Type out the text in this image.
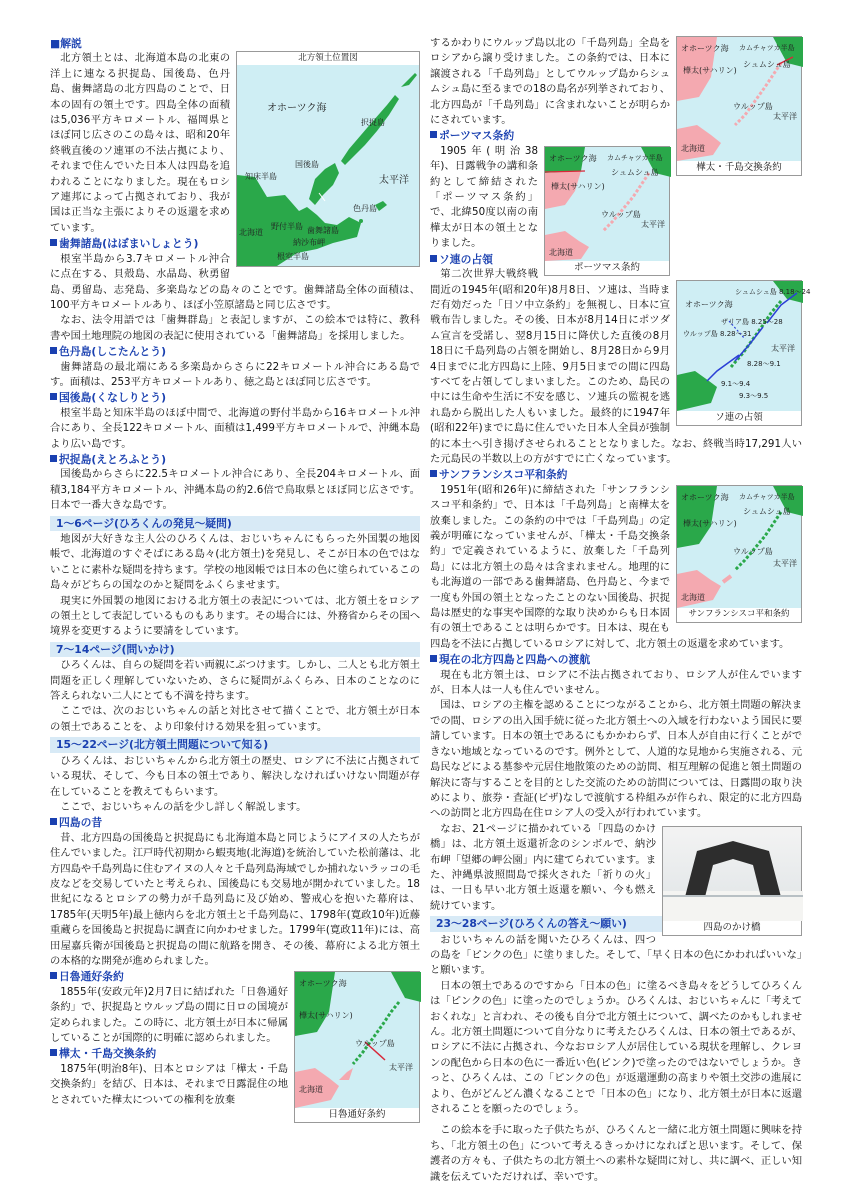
■解説
北方領土位置図
オホーツク海
択捉島
国後島
知床半島	太平洋
色丹島
北海道
野付半島 歯舞諸島
納沙布岬
根室半島

北方領土とは、北海道本島の北東の洋上に連なる択捉島、国後島、色丹島、歯舞諸島の北方四島のことで、日本の固有の領土です。四島全体の面積は5,036平方キロメートル、福岡県とほぼ同じ広さのこの島々は、昭和20年終戦直後のソ連軍の不法占拠により、それまで住んでいた日本人は四島を追われることになりました。現在もロシア連邦によって占拠されており、我が国は正当な主張によりその返還を求めています。

歯舞諸島(はぼまいしょとう)

根室半島から3.7キロメートル沖合に点在する、貝殻島、水晶島、秋勇留島、勇留島、志発島、多楽島などの島々のことです。歯舞諸島全体の面積は、100平方キロメートルあり、ほぼ小笠原諸島と同じ広さです。

なお、法令用語では「歯舞群島」と表記しますが、この絵本では特に、教科書や国土地理院の地図の表記に使用されている「歯舞諸島」を採用しました。

色丹島(しこたんとう)

歯舞諸島の最北端にある多楽島からさらに22キロメートル沖合にある島です。面積は、253平方キロメートルあり、徳之島とほぼ同じ広さです。

国後島(くなしりとう)

根室半島と知床半島のほぼ中間で、北海道の野付半島から16キロメートル沖合にあり、全長122キロメートル、面積は1,499平方キロメートルで、沖縄本島より広い島です。

択捉島(えとろふとう)

国後島からさらに22.5キロメートル沖合にあり、全長204キロメートル、面積3,184平方キロメートル、沖縄本島の約2.6倍で鳥取県とほぼ同じ広さです。日本で一番大きな島です。

1～6ページ(ひろくんの発見～疑問)

地図が大好きな主人公のひろくんは、おじいちゃんにもらった外国製の地図帳で、北海道のすぐそばにある島々(北方領土)を発見し、そこが日本の色ではないことに素朴な疑問を持ちます。学校の地図帳では日本の色に塗られているこの島々がどちらの国なのかと疑問をふくらませます。

現実に外国製の地図における北方領土の表記については、北方領土をロシアの領土として表記しているものもあります。その場合には、外務省からその国へ境界を変更するように要請をしています。

7～14ページ(問いかけ)

ひろくんは、自らの疑問を若い両親にぶつけます。しかし、二人とも北方領土問題を正しく理解していないため、さらに疑問がふくらみ、日本のことなのに答えられない二人にとても不満を持ちます。

ここでは、次のおじいちゃんの話と対比させて描くことで、北方領土が日本の領土であることを、より印象付ける効果を狙っています。

15～22ページ(北方領土問題について知る)

ひろくんは、おじいちゃんから北方領土の歴史、ロシアに不法に占拠されている現状、そして、今も日本の領土であり、解決しなければいけない問題が存在していることを教えてもらいます。

ここで、おじいちゃんの話を少し詳しく解説します。

四島の昔

昔、北方四島の国後島と択捉島にも北海道本島と同じようにアイヌの人たちが住んでいました。江戸時代初期から蝦夷地(北海道)を統治していた松前藩は、北方四島や千島列島に住むアイヌの人々と千島列島海域でしか捕れないラッコの毛皮などを交易していたと考えられ、国後島にも交易地が開かれていました。18世紀になるとロシアの勢力が千島列島に及び始め、警戒心を抱いた幕府は、1785年(天明5年)最上徳内らを北方領土と千島列島に、1798年(寛政10年)近藤重蔵らを国後島と択捉島に調査に向かわせました。1799年(寛政11年)には、高田屋嘉兵衛が国後島と択捉島の間に航路を開き、その後、幕府による北方領土の本格的な開発が進められました。

オホーツク海
樺太(サハリン)
ウルップ島
太平洋
北海道
日魯通好条約
日魯通好条約

1855年(安政元年)2月7日に結ばれた「日魯通好条約」で、択捉島とウルップ島の間に日ロの国境が定められました。この時に、北方領土が日本に帰属していることが国際的に明確に認められました。

樺太・千島交換条約

1875年(明治8年)、日本とロシアは「樺太・千島交換条約」を結び、日本は、それまで日露混住の地とされていた樺太についての権利を放棄

オホーツク海 カムチャツカ半島
シュムシュ島
樺太(サハリン)
ウルップ島
太平洋
北海道
樺太・千島交換条約

するかわりにウルップ島以北の「千島列島」全島をロシアから譲り受けました。この条約では、日本に譲渡される「千島列島」としてウルップ島からシュムシュ島に至るまでの18の島名が列挙されており、北方四島が「千島列島」に含まれないことが明らかにされています。

ポーツマス条約
オホーツク海 カムチャツカ半島
シュムシュ島
樺太(サハリン)
ウルップ島
太平洋
北海道
ポーツマス条約

1905年(明治38年)、日露戦争の講和条約として締結された「ポーツマス条約」で、北緯50度以南の南樺太が日本の領土となりました。

ソ連の占領
シュムシュ島 8.18～24
オホーツク海
ウルップ島 8.28～31
ザリア島 8.25～28
太平洋
8.28～9.1
9.1～9.4
9.3～9.5
ソ連の占領

第二次世界大戦終戦間近の1945年(昭和20年)8月8日、ソ連は、当時まだ有効だった「日ソ中立条約」を無視し、日本に宣戦布告しました。その後、日本が8月14日にポツダム宣言を受諾し、翌8月15日に降伏した直後の8月18日に千島列島の占領を開始し、8月28日から9月4日までに北方四島に上陸、9月5日までの間に四島すべてを占領してしまいました。このため、島民の中には生命や生活に不安を感じ、ソ連兵の監視を逃れ島から脱出した人もいました。最終的に1947年(昭和22年)までに島に住んでいた日本人全員が強制的に本土へ引き揚げさせられることとなりました。なお、終戦当時17,291人いた元島民の半数以上の方がすでに亡くなっています。

サンフランシスコ平和条約
オホーツク海 カムチャツカ半島
シュムシュ島
樺太(サハリン)
ウルップ島
太平洋
北海道
サンフランシスコ平和条約

1951年(昭和26年)に締結された「サンフランシスコ平和条約」で、日本は「千島列島」と南樺太を放棄しました。この条約の中では「千島列島」の定義が明確になっていませんが、「樺太・千島交換条約」で定義されているように、放棄した「千島列島」には北方領土の島々は含まれません。地理的にも北海道の一部である歯舞諸島、色丹島と、今まで一度も外国の領土となったことのない国後島、択捉島は歴史的な事実や国際的な取り決めからも日本固有の領土であることは明らかです。日本は、現在も四島を不法に占拠しているロシアに対して、北方領土の返還を求めています。

現在の北方四島と四島への渡航

現在も北方領土は、ロシアに不法占拠されており、ロシア人が住んでいますが、日本人は一人も住んでいません。

国は、ロシアの主権を認めることにつながることから、北方領土問題の解決までの間、ロシアの出入国手続に従った北方領土への入域を行わないよう国民に要請しています。日本の領土であるにもかかわらず、日本人が自由に行くことができない地域となっているのです。例外として、人道的な見地から実施される、元島民などによる墓参や元居住地散策のための訪問、相互理解の促進と領土問題の解決に寄与することを目的とした交流のための訪問については、日露間の取り決めにより、旅券・査証(ビザ)なしで渡航する枠組みが作られ、限定的に北方四島への訪問と北方四島在住ロシア人の受入が行われています。

四島のかけ橋

なお、21ページに描かれている「四島のかけ橋」は、北方領土返還祈念のシンボルで、納沙布岬「望郷の岬公園」内に建てられています。また、沖縄県波照間島で採火された「祈りの火」は、一日も早い北方領土返還を願い、今も燃え続けています。

23～28ページ(ひろくんの答え～願い)

おじいちゃんの話を聞いたひろくんは、四つの島を「ピンクの色」に塗りました。そして、「早く日本の色にかわればいいな」と願います。

日本の領土であるのですから「日本の色」に塗るべき島々をどうしてひろくんは「ピンクの色」に塗ったのでしょうか。ひろくんは、おじいちゃんに「考えておくれな」と言われ、その後も自分で北方領土について、調べたのかもしれません。北方領土問題について自分なりに考えたひろくんは、日本の領土であるが、ロシアに不法に占拠され、今なおロシア人が居住している現状を理解し、クレヨンの配色から日本の色に一番近い色(ピンク)で塗ったのではないでしょうか。きっと、ひろくんは、この「ピンクの色」が返還運動の高まりや領土交渉の進展により、色がどんどん濃くなることで「日本の色」になり、北方領土が日本に返還されることを願ったのでしょう。

この絵本を手に取った子供たちが、ひろくんと一緒に北方領土問題に興味を持ち、「北方領土の色」について考えるきっかけになればと思います。そして、保護者の方々も、子供たちの北方領土への素朴な疑問に対し、共に調べ、正しい知識を伝えていただければ、幸いです。
